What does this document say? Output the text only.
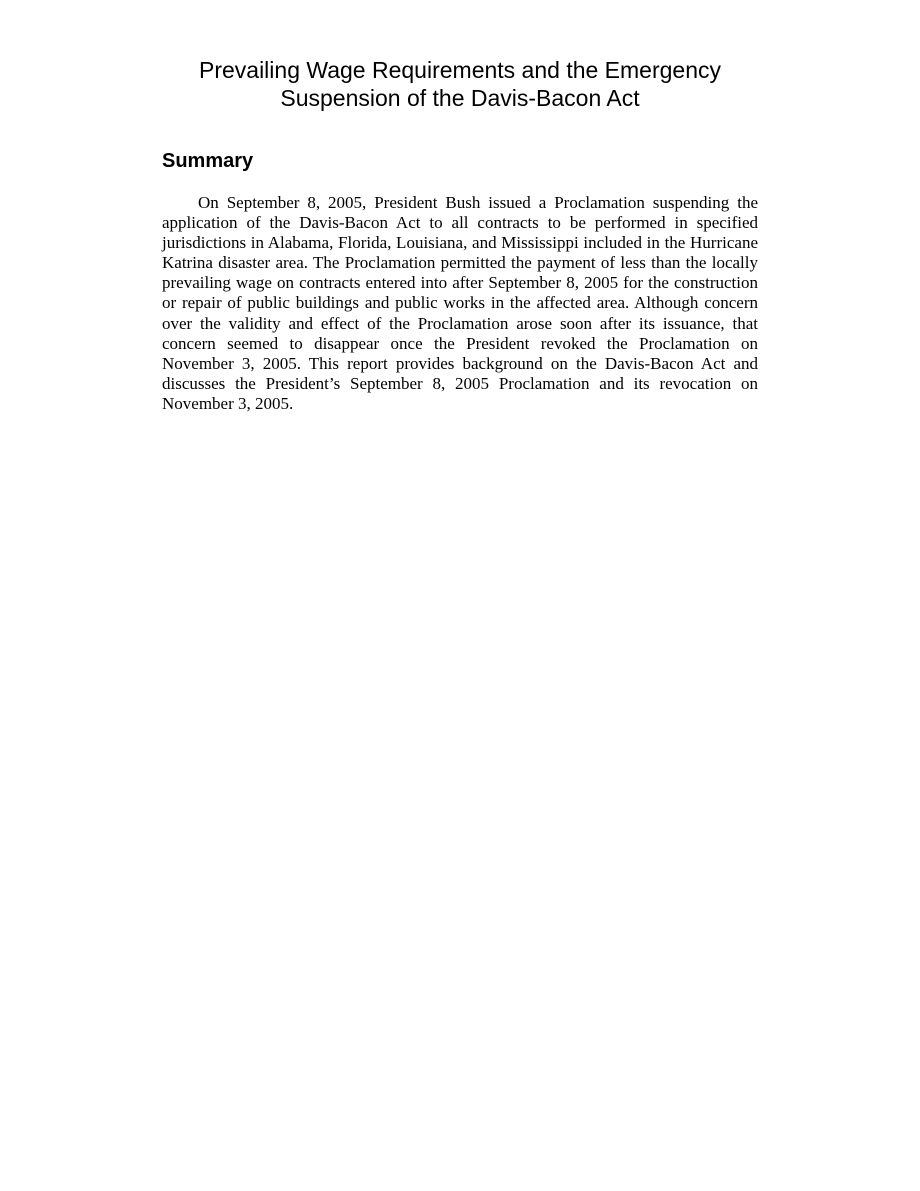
Prevailing Wage Requirements and the Emergency
Suspension of the Davis-Bacon Act
Summary

On September 8, 2005, President Bush issued a Proclamation suspending the application of the Davis-Bacon Act to all contracts to be performed in specified jurisdictions in Alabama, Florida, Louisiana, and Mississippi included in the Hurricane Katrina disaster area. The Proclamation permitted the payment of less than the locally prevailing wage on contracts entered into after September 8, 2005 for the construction or repair of public buildings and public works in the affected area. Although concern over the validity and effect of the Proclamation arose soon after its issuance, that concern seemed to disappear once the President revoked the Proclamation on November 3, 2005. This report provides background on the Davis-Bacon Act and discusses the President’s September 8, 2005 Proclamation and its revocation on November 3, 2005.
